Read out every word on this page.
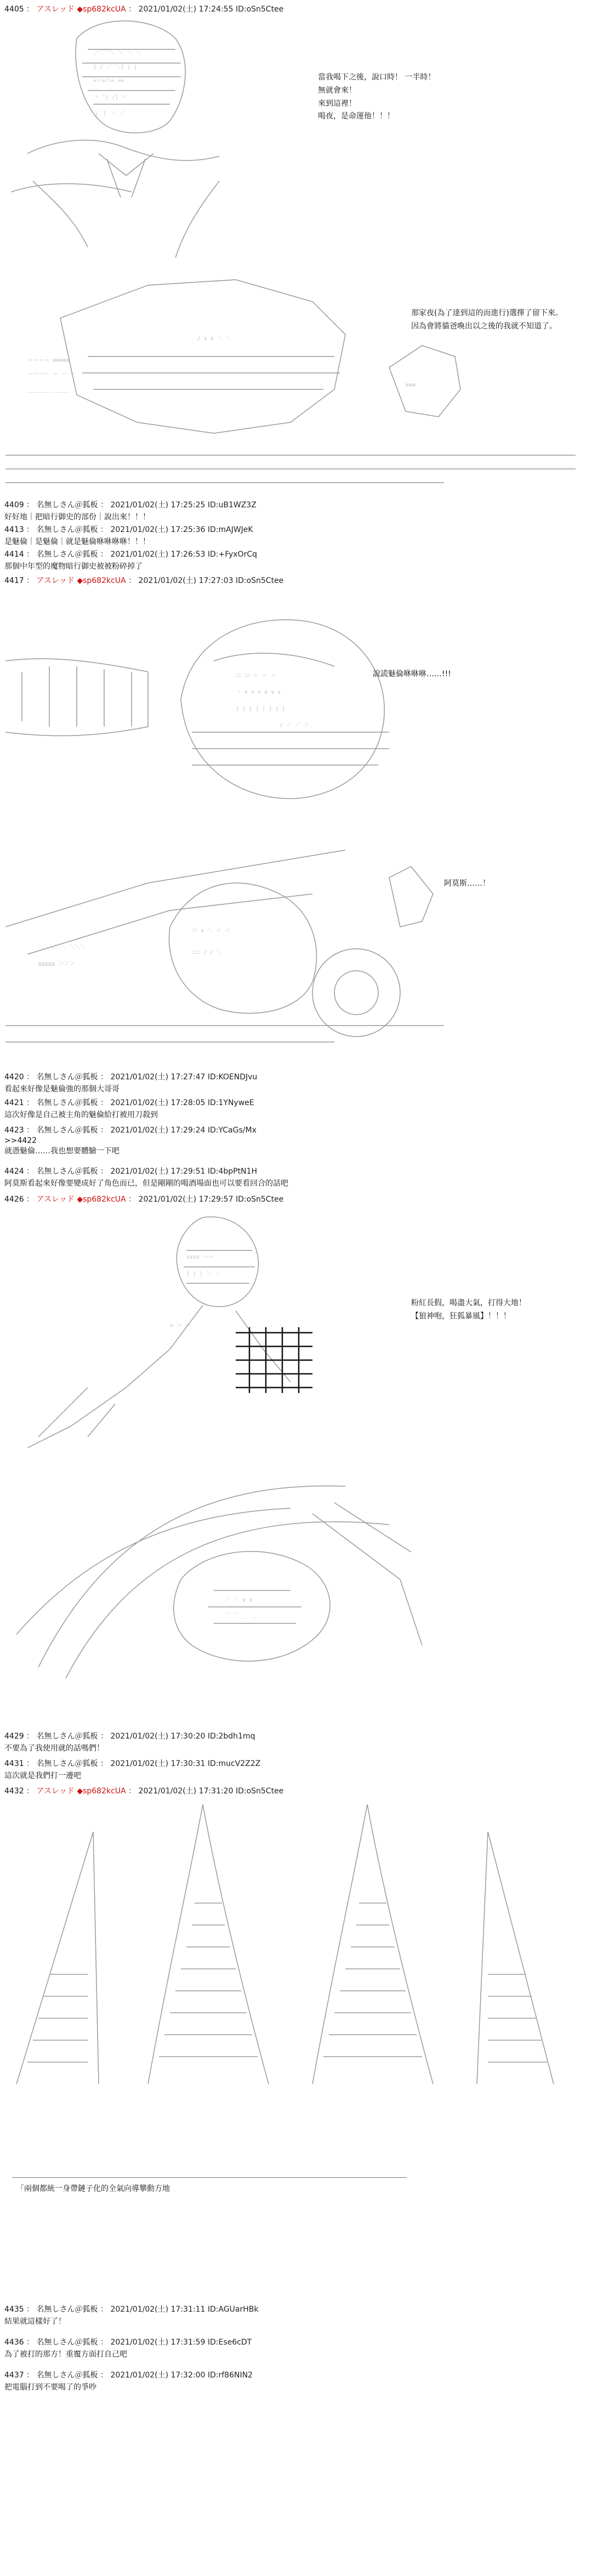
4405 ： アスレッド ◆sp682kcUA ： 2021/01/02(土) 17:24:55 ID:oSn5Ctee
／￣￣＼ ＼ ＼ ＼
| / ／ ＼| | |
=＝=ニ= ==
丶 '| /│ ＜
ｊ ｌ ＼ ／
當我喝下之後，說口時！ 一半時！
無就會來！
來到這裡！
喝夜，是命運他！！！
＝＝＝＝ ≡≡≡≡≡
ーーーー ー ー ー
＿＿＿＿ ＿＿＿
/ ∨ ∨ ＼ ＼
≡≡≡
那家夜(為了達到這的而進行)選擇了留下來。
因為會將貓爸喚出以之後的我就不知道了。
4409 ： 名無しさん＠狐板 ： 2021/01/02(土) 17:25:25 ID:uB1WZ3Z
好好地｜把暗行御史的部份｜說出來！！！
4413 ： 名無しさん＠狐板 ： 2021/01/02(土) 17:25:36 ID:mAJWJeK
是魅倫｜是魅倫｜就是魅倫咻咻咻咻！！！
4414 ： 名無しさん＠狐板 ： 2021/01/02(土) 17:26:53 ID:+FyxOrCq
那個中年型的魔物暗行御史被被粉碎掉了
4417 ： アスレッド ◆sp682kcUA ： 2021/01/02(土) 17:27:03 ID:oSn5Ctee
ﾆﾆ ﾆﾆ ＝ ＝ ＝
丶 ∨ ∨ ∨ ∨ ∨ ∨
| | | | | | | |
/ ／ ／ ＞
說謊魅倫咻咻咻……!!!
＼＼＼＼＼ ＼＼＼
≧≧≧≧≧ ＞＞＞
ﾉﾉ ∨ ＼ ＜ ＜
ﾆﾆﾆ / / ＼
阿莫斯……！
4420 ： 名無しさん＠狐板 ： 2021/01/02(土) 17:27:47 ID:KOENDJvu
看起來好像是魅倫強的那個大哥哥
4421 ： 名無しさん＠狐板 ： 2021/01/02(土) 17:28:05 ID:1YNyweE
這次好像是自己被主角的魅倫給打被用刀殺到
4423 ： 名無しさん＠狐板 ： 2021/01/02(土) 17:29:24 ID:YCaGs/Mx
>>4422
就憑魅倫……我也想要體驗一下吧
4424 ： 名無しさん＠狐板 ： 2021/01/02(土) 17:29:51 ID:4bpPtN1H
阿莫斯看起來好像要變成好了角色而已，但是剛剛的喝酒場面也可以要看回合的話吧
4426 ： アスレッド ◆sp682kcUA ： 2021/01/02(土) 17:29:57 ID:oSn5Ctee
∨∨∨∨ ＝＝
| | | ＼ ＼
= ＝ ＝
粉紅長假，喝盡大氣，打得大地！
【狼神咆，狂狐暴風】！！！
／ ＼ ∨ ∨
￣ ￣ ＿ ＿
4429 ： 名無しさん＠狐板 ： 2021/01/02(土) 17:30:20 ID:2bdh1mq
不要為了我使用就的話嗎們！
4431 ： 名無しさん＠狐板 ： 2021/01/02(土) 17:30:31 ID:mucV2Z2Z
這次就是我們打一邊吧
4432 ： アスレッド ◆sp682kcUA ： 2021/01/02(土) 17:31:20 ID:oSn5Ctee
「兩個都統一身帶鏈子化的全氣向導攀動方地
4435 ： 名無しさん＠狐板 ： 2021/01/02(土) 17:31:11 ID:AGUarHBk
結果就這樣好了！
4436 ： 名無しさん＠狐板 ： 2021/01/02(土) 17:31:59 ID:Ese6cDT
為了被打的那方！重覆方面打自己吧
4437 ： 名無しさん＠狐板 ： 2021/01/02(土) 17:32:00 ID:rf86NIN2
把電腦打到不要喝了的爭吵
